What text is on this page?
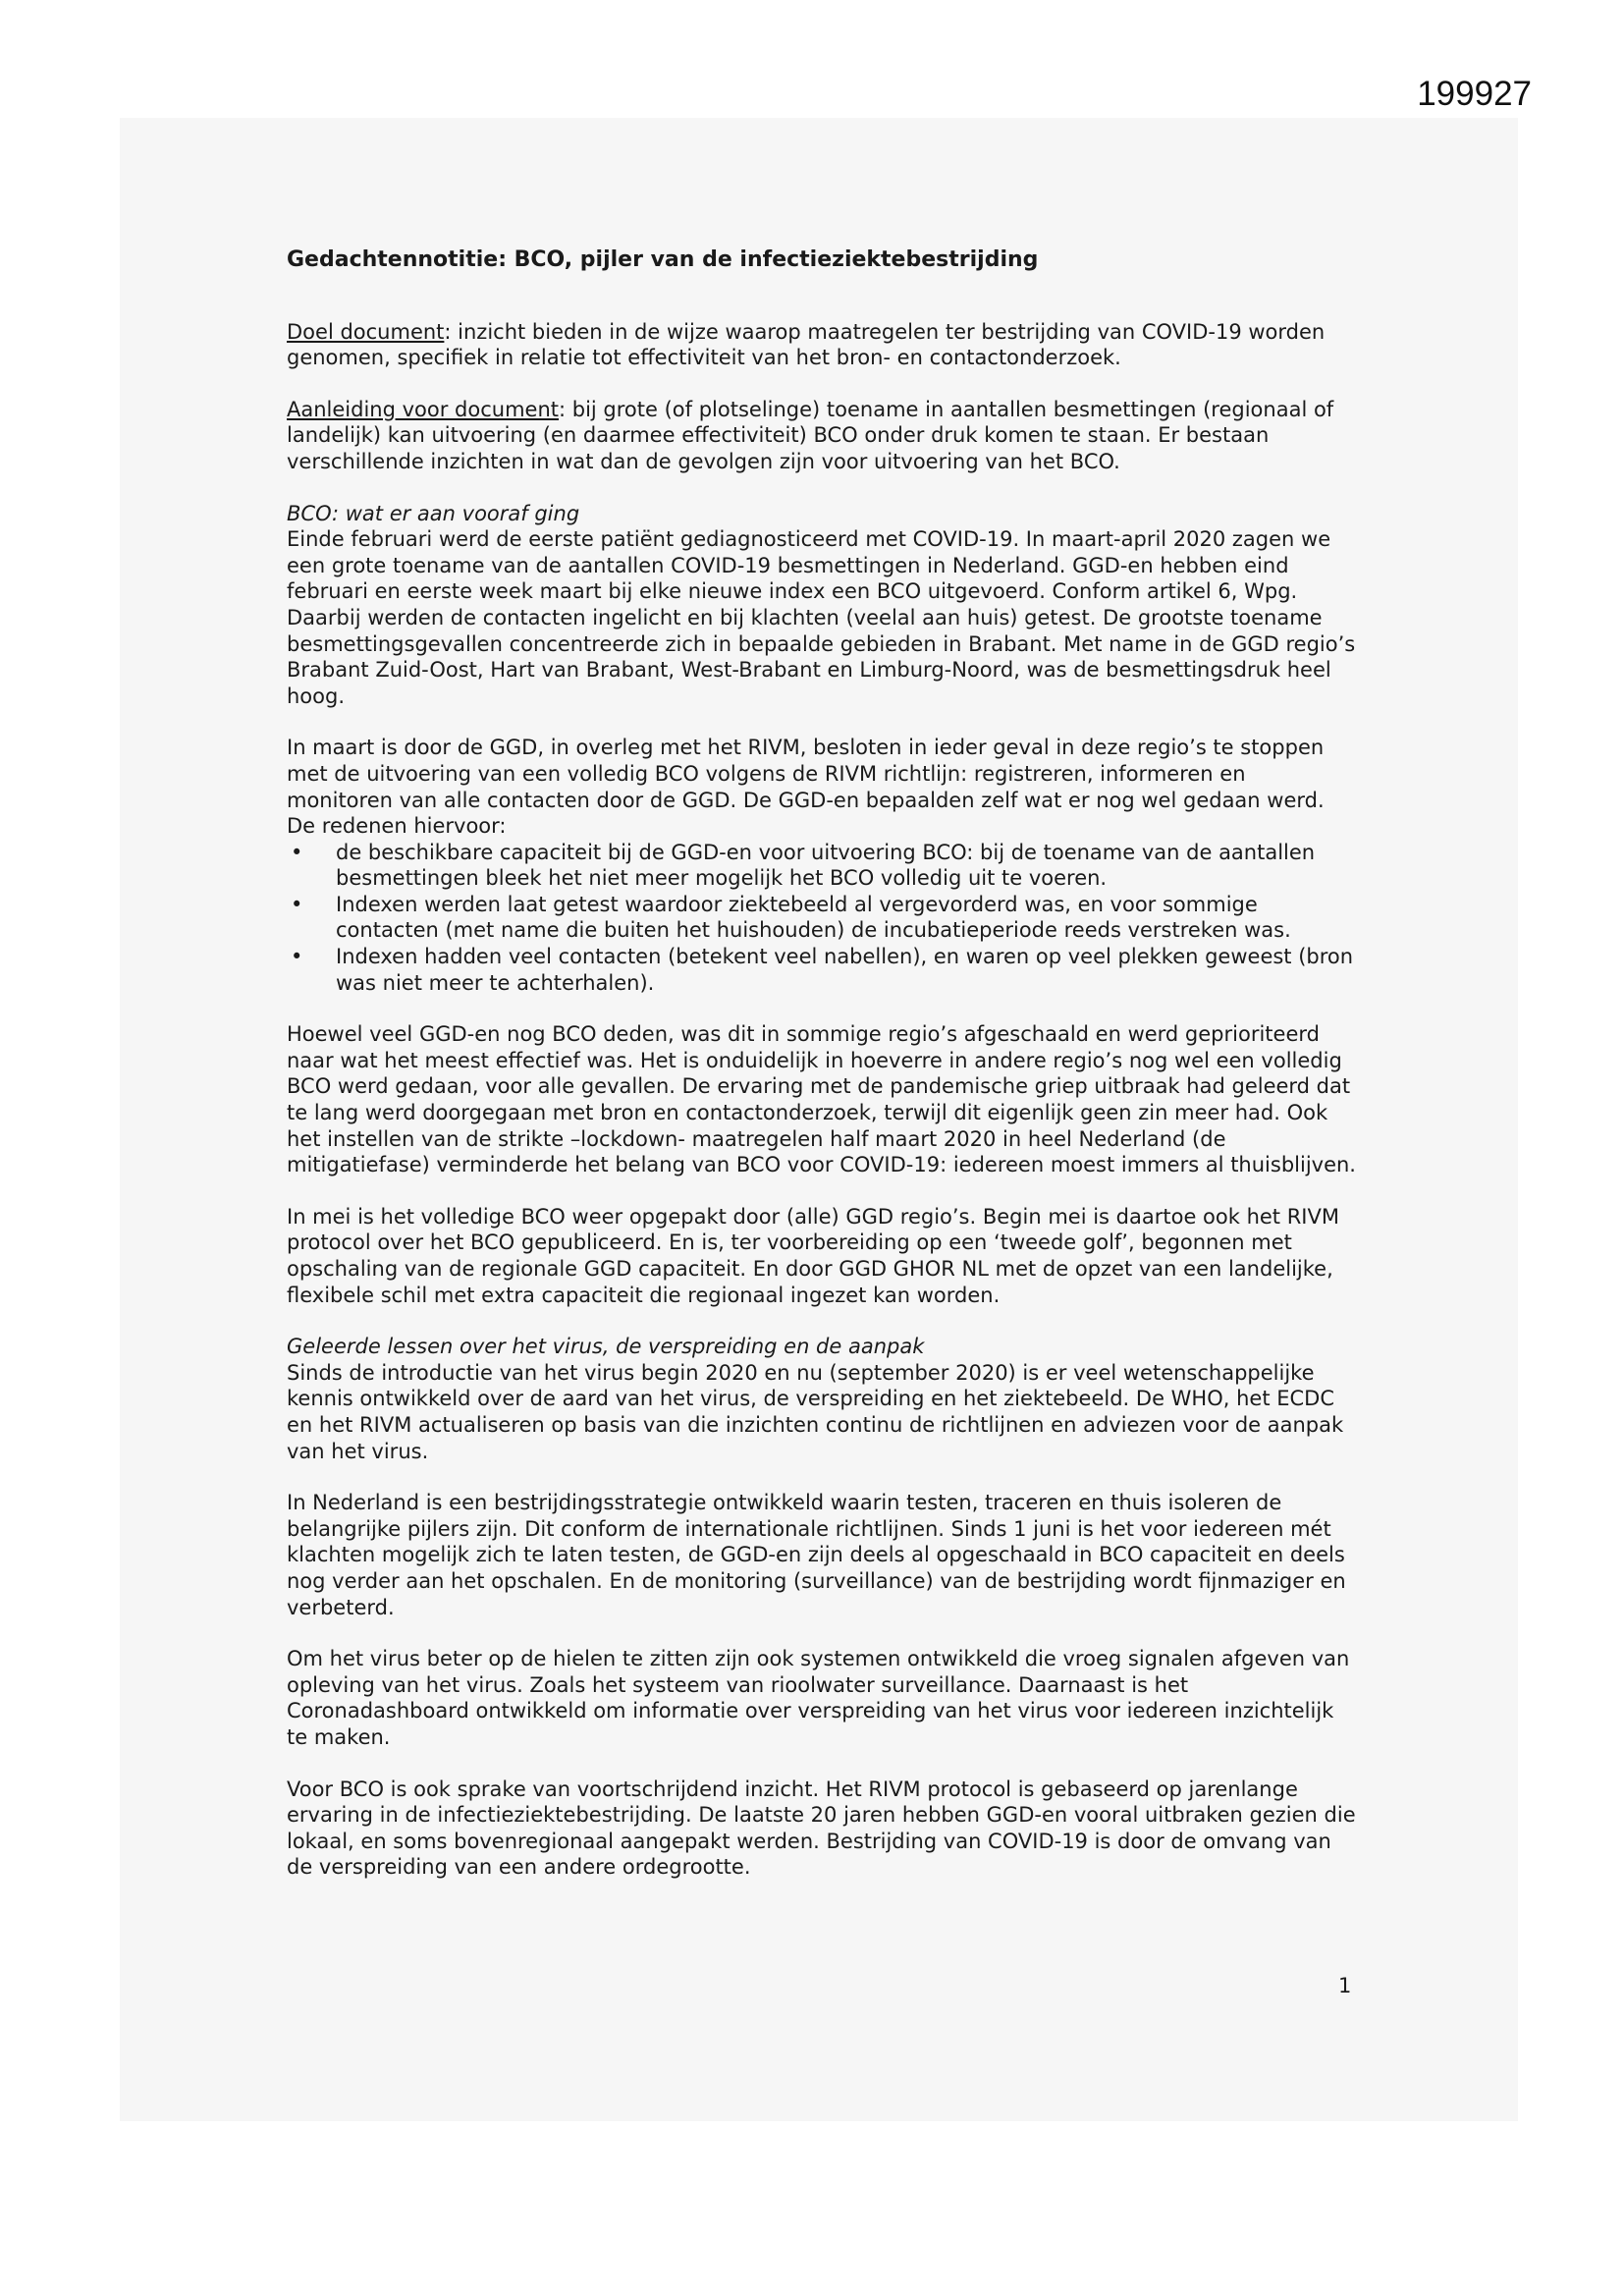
199927
Gedachtennotitie: BCO, pijler van de infectieziektebestrijding

Doel document: inzicht bieden in de wijze waarop maatregelen ter bestrijding van COVID-19 worden genomen, specifiek in relatie tot effectiviteit van het bron- en contactonderzoek.

Aanleiding voor document: bij grote (of plotselinge) toename in aantallen besmettingen (regionaal of landelijk) kan uitvoering (en daarmee effectiviteit) BCO onder druk komen te staan. Er bestaan verschillende inzichten in wat dan de gevolgen zijn voor uitvoering van het BCO.

BCO: wat er aan vooraf ging

Einde februari werd de eerste patiënt gediagnosticeerd met COVID-19. In maart-april 2020 zagen we een grote toename van de aantallen COVID-19 besmettingen in Nederland. GGD-en hebben eind februari en eerste week maart bij elke nieuwe index een BCO uitgevoerd. Conform artikel 6, Wpg. Daarbij werden de contacten ingelicht en bij klachten (veelal aan huis) getest. De grootste toename besmettingsgevallen concentreerde zich in bepaalde gebieden in Brabant. Met name in de GGD regio’s Brabant Zuid-Oost, Hart van Brabant, West-Brabant en Limburg-Noord, was de besmettingsdruk heel hoog.

In maart is door de GGD, in overleg met het RIVM, besloten in ieder geval in deze regio’s te stoppen met de uitvoering van een volledig BCO volgens de RIVM richtlijn: registreren, informeren en monitoren van alle contacten door de GGD. De GGD-en bepaalden zelf wat er nog wel gedaan werd. De redenen hiervoor:

• de beschikbare capaciteit bij de GGD-en voor uitvoering BCO: bij de toename van de aantallen besmettingen bleek het niet meer mogelijk het BCO volledig uit te voeren.
• Indexen werden laat getest waardoor ziektebeeld al vergevorderd was, en voor sommige contacten (met name die buiten het huishouden) de incubatieperiode reeds verstreken was.
• Indexen hadden veel contacten (betekent veel nabellen), en waren op veel plekken geweest (bron was niet meer te achterhalen).

Hoewel veel GGD-en nog BCO deden, was dit in sommige regio’s afgeschaald en werd geprioriteerd naar wat het meest effectief was. Het is onduidelijk in hoeverre in andere regio’s nog wel een volledig BCO werd gedaan, voor alle gevallen. De ervaring met de pandemische griep uitbraak had geleerd dat te lang werd doorgegaan met bron en contactonderzoek, terwijl dit eigenlijk geen zin meer had. Ook het instellen van de strikte –lockdown- maatregelen half maart 2020 in heel Nederland (de mitigatiefase) verminderde het belang van BCO voor COVID-19: iedereen moest immers al thuisblijven.

In mei is het volledige BCO weer opgepakt door (alle) GGD regio’s. Begin mei is daartoe ook het RIVM protocol over het BCO gepubliceerd. En is, ter voorbereiding op een ‘tweede golf’, begonnen met opschaling van de regionale GGD capaciteit. En door GGD GHOR NL met de opzet van een landelijke, flexibele schil met extra capaciteit die regionaal ingezet kan worden.

Geleerde lessen over het virus, de verspreiding en de aanpak

Sinds de introductie van het virus begin 2020 en nu (september 2020) is er veel wetenschappelijke kennis ontwikkeld over de aard van het virus, de verspreiding en het ziektebeeld. De WHO, het ECDC en het RIVM actualiseren op basis van die inzichten continu de richtlijnen en adviezen voor de aanpak van het virus.

In Nederland is een bestrijdingsstrategie ontwikkeld waarin testen, traceren en thuis isoleren de belangrijke pijlers zijn. Dit conform de internationale richtlijnen. Sinds 1 juni is het voor iedereen mét klachten mogelijk zich te laten testen, de GGD-en zijn deels al opgeschaald in BCO capaciteit en deels nog verder aan het opschalen. En de monitoring (surveillance) van de bestrijding wordt fijnmaziger en verbeterd.

Om het virus beter op de hielen te zitten zijn ook systemen ontwikkeld die vroeg signalen afgeven van opleving van het virus. Zoals het systeem van rioolwater surveillance. Daarnaast is het Coronadashboard ontwikkeld om informatie over verspreiding van het virus voor iedereen inzichtelijk te maken.

Voor BCO is ook sprake van voortschrijdend inzicht. Het RIVM protocol is gebaseerd op jarenlange ervaring in de infectieziektebestrijding. De laatste 20 jaren hebben GGD-en vooral uitbraken gezien die lokaal, en soms bovenregionaal aangepakt werden. Bestrijding van COVID-19 is door de omvang van de verspreiding van een andere ordegrootte.

1
